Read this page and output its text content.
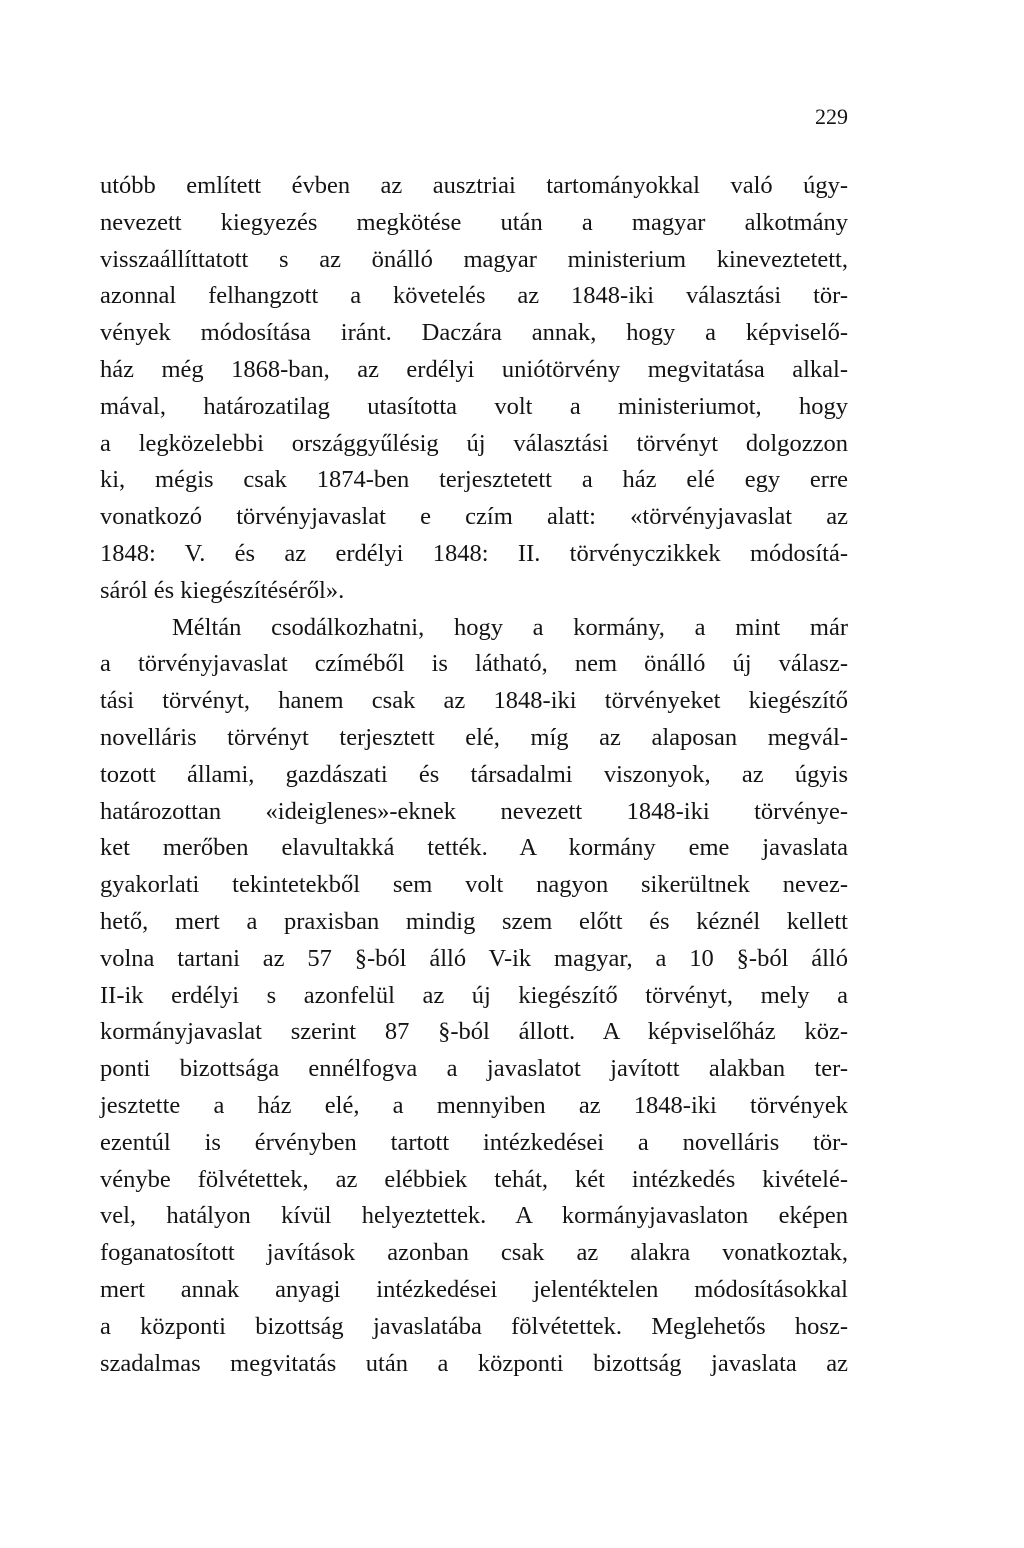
229
utóbb említett évben az ausztriai tartományokkal való úgy-
nevezett kiegyezés megkötése után a magyar alkotmány
visszaállíttatott s az önálló magyar ministerium kineveztetett,
azonnal felhangzott a követelés az 1848-iki választási tör-
vények módosítása iránt. Daczára annak, hogy a képviselő-
ház még 1868-ban, az erdélyi uniótörvény megvitatása alkal-
mával, határozatilag utasította volt a ministeriumot, hogy
a legközelebbi országgyűlésig új választási törvényt dolgozzon
ki, mégis csak 1874-ben terjesztetett a ház elé egy erre
vonatkozó törvényjavaslat e czím alatt: «törvényjavaslat az
1848: V. és az erdélyi 1848: II. törvényczikkek módosítá-
sáról és kiegészítéséről».
Méltán csodálkozhatni, hogy a kormány, a mint már
a törvényjavaslat czíméből is látható, nem önálló új válasz-
tási törvényt, hanem csak az 1848-iki törvényeket kiegészítő
novelláris törvényt terjesztett elé, míg az alaposan megvál-
tozott állami, gazdászati és társadalmi viszonyok, az úgyis
határozottan «ideiglenes»-eknek nevezett 1848-iki törvénye-
ket merőben elavultakká tették. A kormány eme javaslata
gyakorlati tekintetekből sem volt nagyon sikerültnek nevez-
hető, mert a praxisban mindig szem előtt és kéznél kellett
volna tartani az 57 §-ból álló V-ik magyar, a 10 §-ból álló
II-ik erdélyi s azonfelül az új kiegészítő törvényt, mely a
kormányjavaslat szerint 87 §-ból állott. A képviselőház köz-
ponti bizottsága ennélfogva a javaslatot javított alakban ter-
jesztette a ház elé, a mennyiben az 1848-iki törvények
ezentúl is érvényben tartott intézkedései a novelláris tör-
vénybe fölvétettek, az elébbiek tehát, két intézkedés kivételé-
vel, hatályon kívül helyeztettek. A kormányjavaslaton eképen
foganatosított javítások azonban csak az alakra vonatkoztak,
mert annak anyagi intézkedései jelentéktelen módosításokkal
a központi bizottság javaslatába fölvétettek. Meglehetős hosz-
szadalmas megvitatás után a központi bizottság javaslata az
